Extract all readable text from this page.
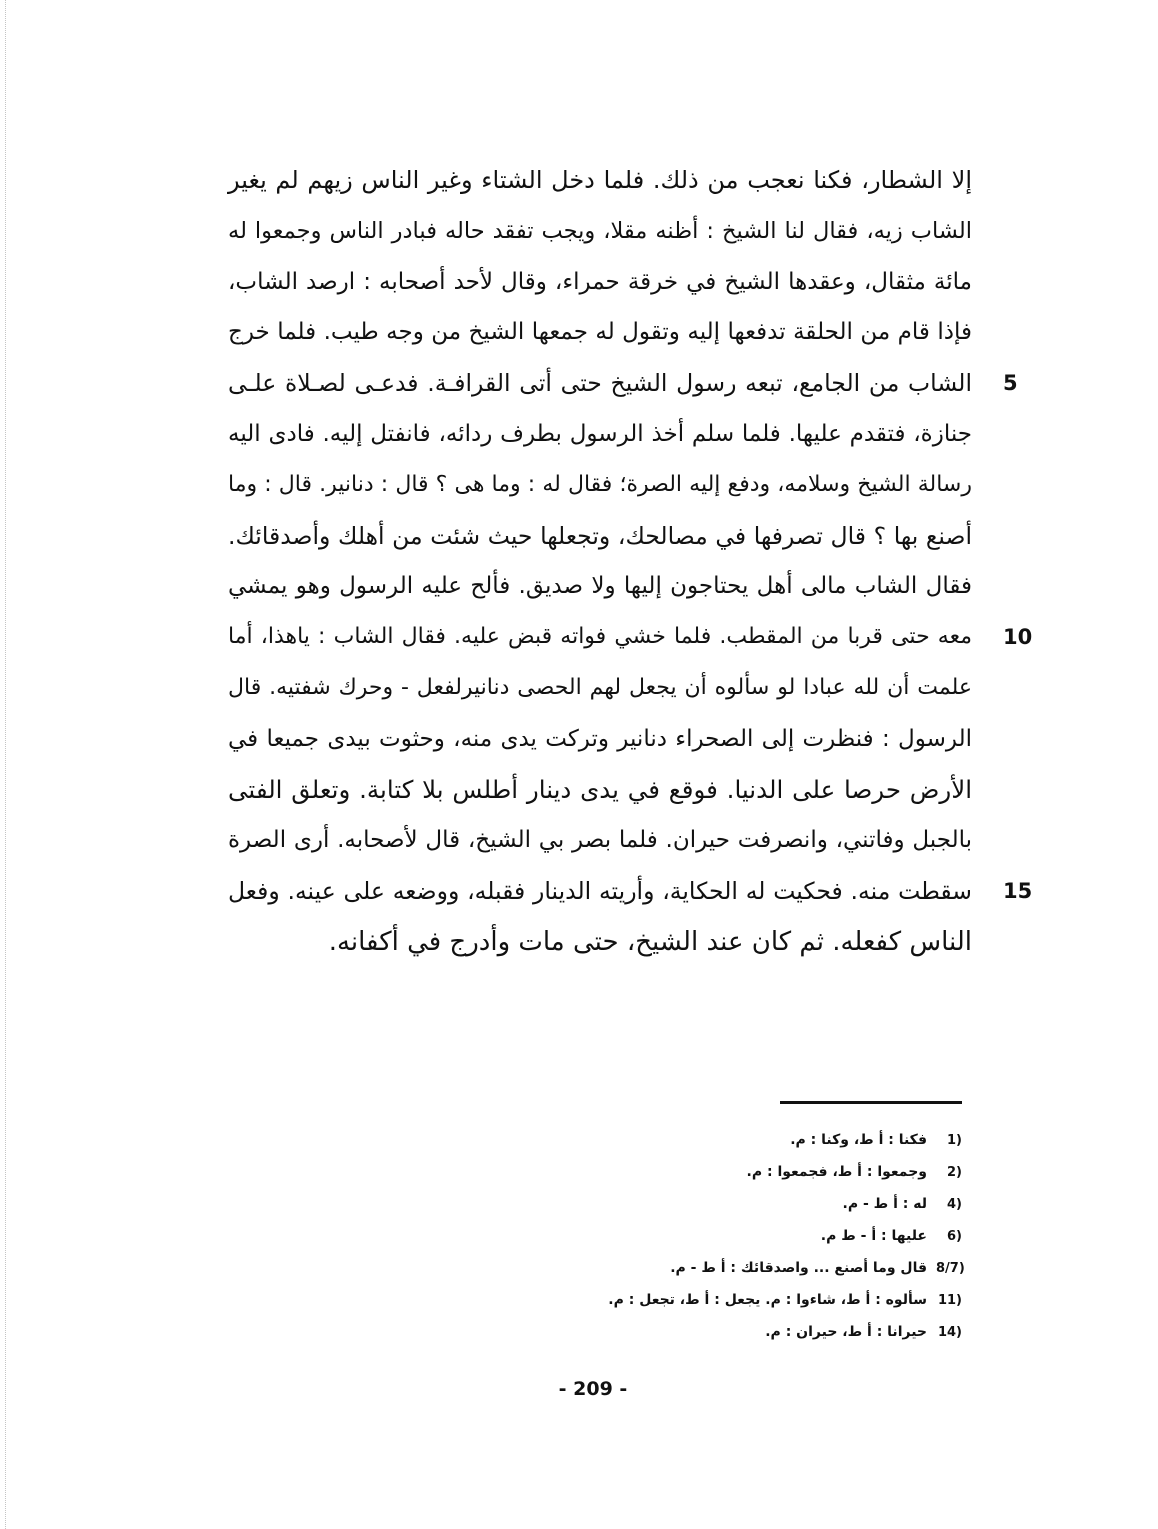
إلا الشطار، فكنا نعجب من ذلك. فلما دخل الشتاء وغير الناس زيهم لم يغير
الشاب زيه، فقال لنا الشيخ : أظنه مقلا، ويجب تفقد حاله فبادر الناس وجمعوا له
مائة مثقال، وعقدها الشيخ في خرقة حمراء، وقال لأحد أصحابه : ارصد الشاب،
فإذا قام من الحلقة تدفعها إليه وتقول له جمعها الشيخ من وجه طيب. فلما خرج
الشاب من الجامع، تبعه رسول الشيخ حتى أتى القرافـة. فدعـى لصـلاة علـى 5
جنازة، فتقدم عليها. فلما سلم أخذ الرسول بطرف ردائه، فانفتل إليه. فادى اليه
رسالة الشيخ وسلامه، ودفع إليه الصرة؛ فقال له : وما هى ؟ قال : دنانير. قال : وما
أصنع بها ؟ قال تصرفها في مصالحك، وتجعلها حيث شئت من أهلك وأصدقائك.
فقال الشاب مالى أهل يحتاجون إليها ولا صديق. فألح عليه الرسول وهو يمشي
معه حتى قربا من المقطب. فلما خشي فواته قبض عليه. فقال الشاب : ياهذا، أما 10
علمت أن لله عبادا لو سألوه أن يجعل لهم الحصى دنانيرلفعل - وحرك شفتيه. قال
الرسول : فنظرت إلى الصحراء دنانير وتركت يدى منه، وحثوت بيدى جميعا في
الأرض حرصا على الدنيا. فوقع في يدى دينار أطلس بلا كتابة. وتعلق الفتى
بالجبل وفاتني، وانصرفت حيران. فلما بصر بي الشيخ، قال لأصحابه. أرى الصرة
سقطت منه. فحكيت له الحكاية، وأريته الدينار فقبله، ووضعه على عينه. وفعل 15
الناس كفعله. ثم كان عند الشيخ، حتى مات وأدرج في أكفانه.
1)
فكنا : أ ط، وكنا : م.
2)
وجمعوا : أ ط، فجمعوا : م.
4)
له : أ ط - م.
6)
عليها : أ - ط م.
8/7)
قال وما أصنع ... واصدقائك : أ ط - م.
11)
سألوه : أ ط، شاءوا : م. يجعل : أ ط، تجعل : م.
14)
حيرانا : أ ط، حيران : م.
- 209 -
